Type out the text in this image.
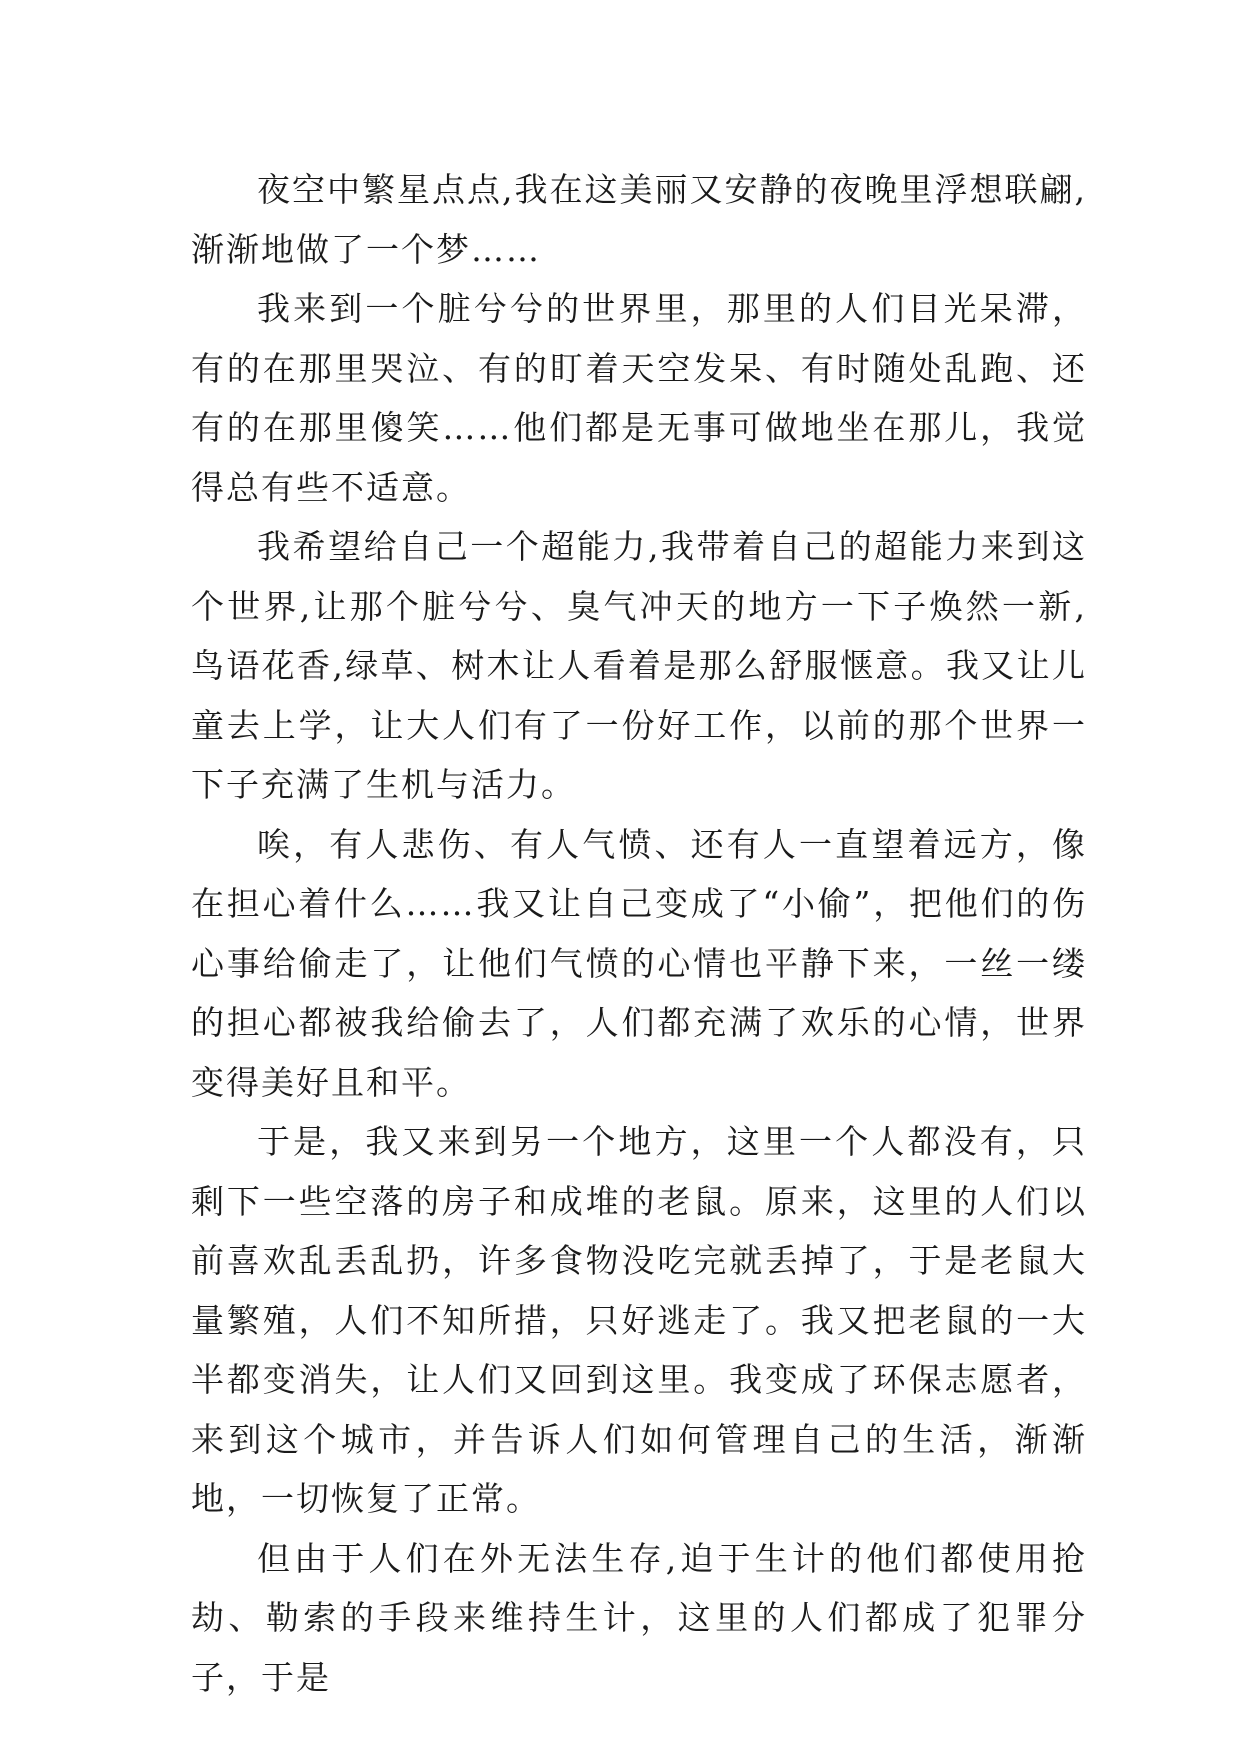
夜空中繁星点点,我在这美丽又安静的夜晚里浮想联翩,渐渐地做了一个梦……

我来到一个脏兮兮的世界里，那里的人们目光呆滞，有的在那里哭泣、有的盯着天空发呆、有时随处乱跑、还有的在那里傻笑……他们都是无事可做地坐在那儿，我觉得总有些不适意。

我希望给自己一个超能力,我带着自己的超能力来到这个世界,让那个脏兮兮、臭气冲天的地方一下子焕然一新,鸟语花香,绿草、树木让人看着是那么舒服惬意。我又让儿童去上学，让大人们有了一份好工作，以前的那个世界一下子充满了生机与活力。

唉，有人悲伤、有人气愤、还有人一直望着远方，像在担心着什么……我又让自己变成了“小偷”，把他们的伤心事给偷走了，让他们气愤的心情也平静下来，一丝一缕的担心都被我给偷去了，人们都充满了欢乐的心情，世界变得美好且和平。

于是，我又来到另一个地方，这里一个人都没有，只剩下一些空落的房子和成堆的老鼠。原来，这里的人们以前喜欢乱丢乱扔，许多食物没吃完就丢掉了，于是老鼠大量繁殖，人们不知所措，只好逃走了。我又把老鼠的一大半都变消失，让人们又回到这里。我变成了环保志愿者，来到这个城市，并告诉人们如何管理自己的生活，渐渐地，一切恢复了正常。

但由于人们在外无法生存,迫于生计的他们都使用抢劫、勒索的手段来维持生计，这里的人们都成了犯罪分子，于是
